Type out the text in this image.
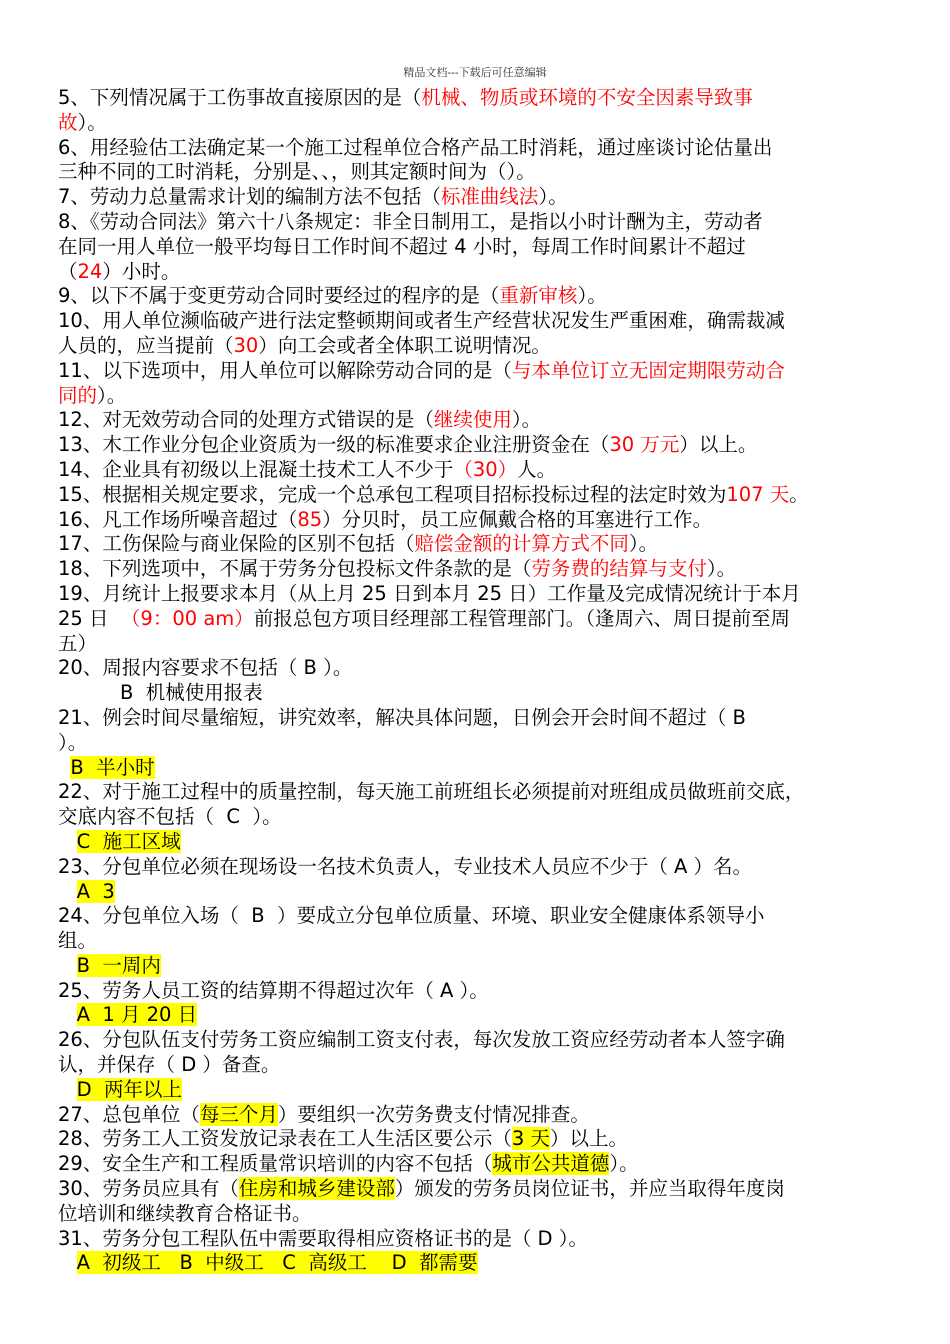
精品文档---下载后可任意编辑
5、下列情况属于工伤事故直接原因的是（机械、物质或环境的不安全因素导致事
故）。
6、用经验估工法确定某一个施工过程单位合格产品工时消耗，通过座谈讨论估量出
三种不同的工时消耗，分别是、、，则其定额时间为（）。
7、劳动力总量需求计划的编制方法不包括（标准曲线法）。
8、《劳动合同法》第六十八条规定：非全日制用工，是指以小时计酬为主，劳动者
在同一用人单位一般平均每日工作时间不超过 4 小时，每周工作时间累计不超过
（24）小时。
9、以下不属于变更劳动合同时要经过的程序的是（重新审核）。
10、用人单位濒临破产进行法定整顿期间或者生产经营状况发生严重困难，确需裁减
人员的，应当提前（30）向工会或者全体职工说明情况。
11、以下选项中，用人单位可以解除劳动合同的是（与本单位订立无固定期限劳动合
同的）。
12、对无效劳动合同的处理方式错误的是（继续使用）。
13、木工作业分包企业资质为一级的标准要求企业注册资金在（30 万元）以上。
14、企业具有初级以上混凝土技术工人不少于（30）人。
15、根据相关规定要求，完成一个总承包工程项目招标投标过程的法定时效为107 天。
16、凡工作场所噪音超过（85）分贝时，员工应佩戴合格的耳塞进行工作。
17、工伤保险与商业保险的区别不包括（赔偿金额的计算方式不同）。
18、下列选项中，不属于劳务分包投标文件条款的是（劳务费的结算与支付）。
19、月统计上报要求本月（从上月 25 日到本月 25 日）工作量及完成情况统计于本月
25 日  （9：00 am）前报总包方项目经理部工程管理部门。（逢周六、周日提前至周
五）
20、周报内容要求不包括（ B ）。
B  机械使用报表
21、例会时间尽量缩短，讲究效率，解决具体问题，日例会开会时间不超过（ B
）。
B  半小时
22、对于施工过程中的质量控制，每天施工前班组长必须提前对班组成员做班前交底，
交底内容不包括（  C  ）。
C  施工区域
23、分包单位必须在现场设一名技术负责人，专业技术人员应不少于（ A ）名。
A  3
24、分包单位入场（  B  ）要成立分包单位质量、环境、职业安全健康体系领导小
组。
B  一周内
25、劳务人员工资的结算期不得超过次年（ A ）。
A  1 月 20 日
26、分包队伍支付劳务工资应编制工资支付表，每次发放工资应经劳动者本人签字确
认，并保存（ D ）备查。
D  两年以上
27、总包单位（每三个月）要组织一次劳务费支付情况排查。
28、劳务工人工资发放记录表在工人生活区要公示（3 天）以上。
29、安全生产和工程质量常识培训的内容不包括（城市公共道德）。
30、劳务员应具有（住房和城乡建设部）颁发的劳务员岗位证书，并应当取得年度岗
位培训和继续教育合格证书。
31、劳务分包工程队伍中需要取得相应资格证书的是（ D ）。
A  初级工   B  中级工   C  高级工    D  都需要
